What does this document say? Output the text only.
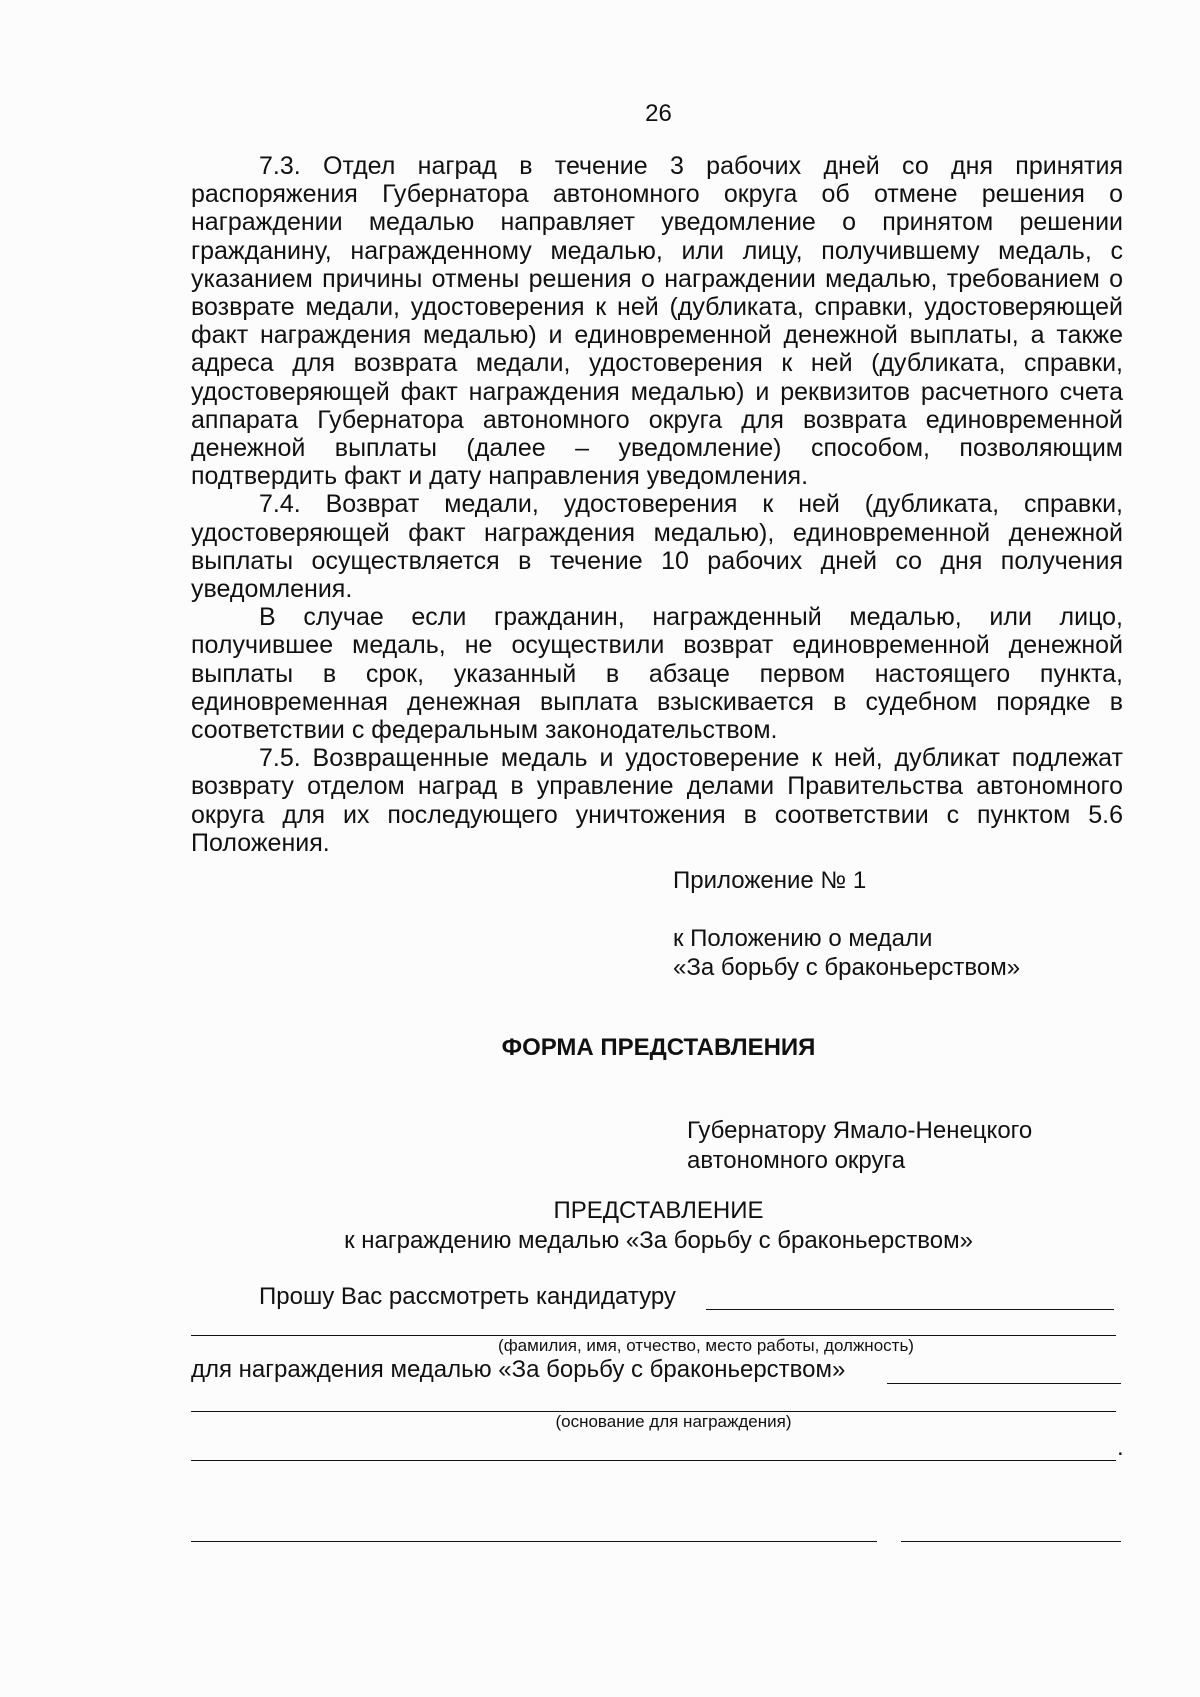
26

7.3. Отдел наград в течение 3 рабочих дней со дня принятия распоряжения Губернатора автономного округа об отмене решения о награждении медалью направляет уведомление о принятом решении гражданину, награжденному медалью, или лицу, получившему медаль, с указанием причины отмены решения о награждении медалью, требованием о возврате медали, удостоверения к ней (дубликата, справки, удостоверяющей факт награждения медалью) и единовременной денежной выплаты, а также адреса для возврата медали, удостоверения к ней (дубликата, справки, удостоверяющей факт награждения медалью) и реквизитов расчетного счета аппарата Губернатора автономного округа для возврата единовременной денежной выплаты (далее – уведомление) способом, позволяющим подтвердить факт и дату направления уведомления.

7.4. Возврат медали, удостоверения к ней (дубликата, справки, удостоверяющей факт награждения медалью), единовременной денежной выплаты осуществляется в течение 10 рабочих дней со дня получения уведомления.

В случае если гражданин, награжденный медалью, или лицо, получившее медаль, не осуществили возврат единовременной денежной выплаты в срок, указанный в абзаце первом настоящего пункта, единовременная денежная выплата взыскивается в судебном порядке в соответствии с федеральным законодательством.

7.5. Возвращенные медаль и удостоверение к ней, дубликат подлежат возврату отделом наград в управление делами Правительства автономного округа для их последующего уничтожения в соответствии с пунктом 5.6 Положения.

Приложение № 1
к Положению о медали
«За борьбу с браконьерством»
ФОРМА ПРЕДСТАВЛЕНИЯ
Губернатору Ямало-Ненецкого
автономного округа
ПРЕДСТАВЛЕНИЕ
к награждению медалью «За борьбу с браконьерством»
Прошу Вас рассмотреть кандидатуру
(фамилия, имя, отчество, место работы, должность)
для награждения медалью «За борьбу с браконьерством»
(основание для награждения)
.
